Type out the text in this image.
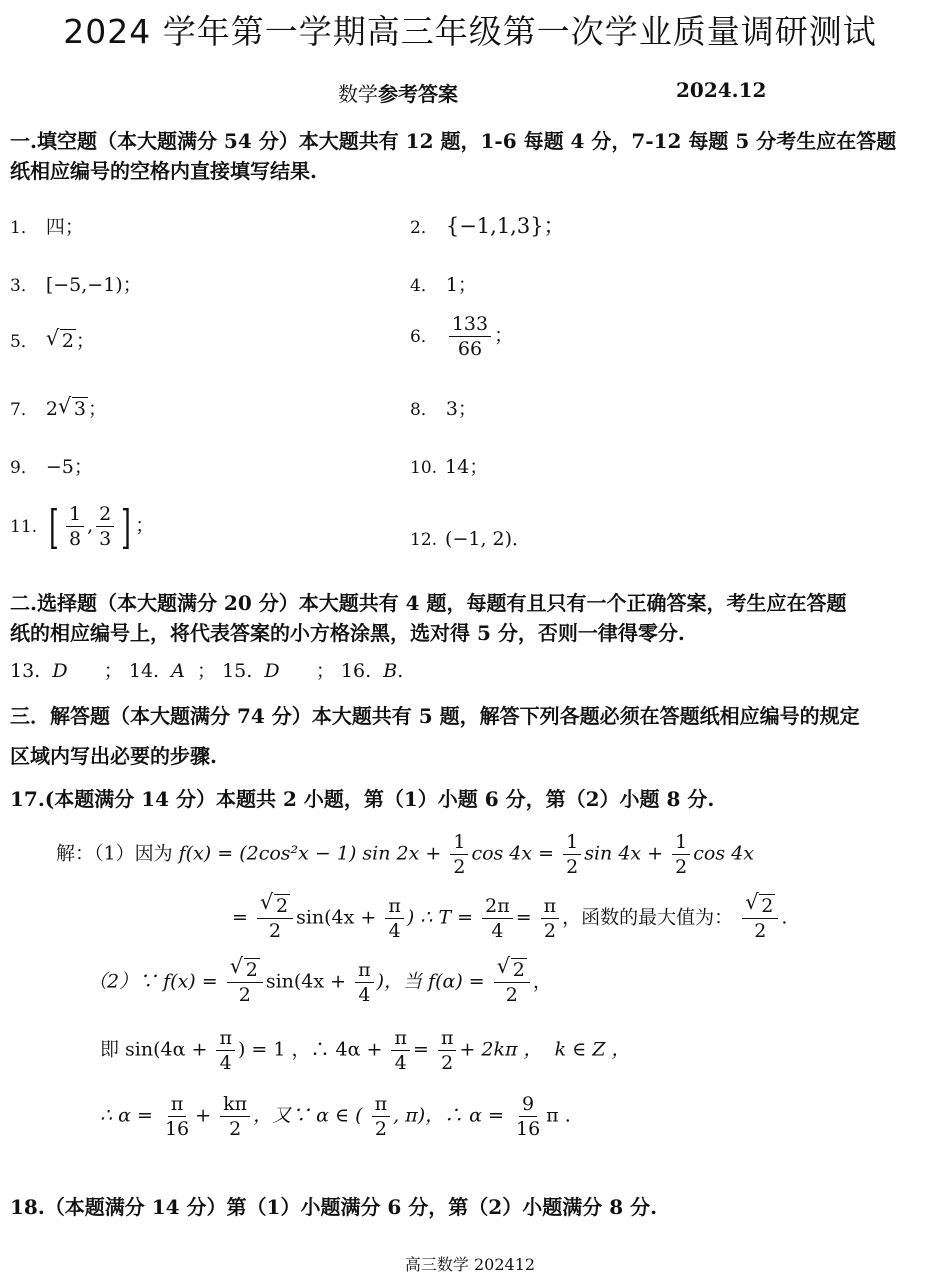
2024 学年第一学期高三年级第一次学业质量调研测试
数学参考答案	2024.12
一.填空题（本大题满分 54 分）本大题共有 12 题，1-6 每题 4 分，7-12 每题 5 分考生应在答题
纸相应编号的空格内直接填写结果.
1． 四；	2． {−1,1,3}；
3． [−5,−1)；	4． 1；
5． √ 2 ；	6． $\frac{133}{66}$ ；
7． 2 √ 3 ；	8． 3；
9． −5；	10. 14；
11. [ $\frac{1}{8}$ , $\frac{2}{3}$ ] ；
12. (−1, 2)．
二.选择题（本大题满分 20 分）本大题共有 4 题，每题有且只有一个正确答案，考生应在答题
纸的相应编号上，将代表答案的小方格涂黑，选对得 5 分，否则一律得零分.
13. D ； 14. A ； 15. D ； 16. B.
三．解答题（本大题满分 74 分）本大题共有 5 题，解答下列各题必须在答题纸相应编号的规定
区域内写出必要的步骤.
17.(本题满分 14 分）本题共 2 小题，第（1）小题 6 分，第（2）小题 8 分.
解：（1）因为 f(x) = (2cos²x − 1) $\sin 2x + \frac{1}{2}$ $\cos 4x = \frac{1}{2}$ $\sin 4x + \frac{1}{2}$ cos 4x
= $\frac{√ 2}{2} \sin(4x + \frac{\pi}{4}$ ) ∴ $T = \frac{2\pi}{4} = \frac{\pi}{2}$ ，函数的最大值为： $\frac{√ 2}{2}$ .
（2）∵ $f(x) = \frac{√ 2}{2} \sin(4x + \frac{\pi}{4}$ )，当 $f(\alpha) = \frac{√ 2}{2}$ ，
即 $\sin(4\alpha + \frac{\pi}{4}$ ) = 1 ，∴ $4\alpha + \frac{\pi}{4} = \frac{\pi}{2} + 2k\pi$ ， k ∈ Z ，
∴ $\alpha = \frac{\pi}{16} + \frac{k\pi}{2}$ ，又∵ α ∈ ( $\frac{\pi}{2}$ , π)，∴ $\alpha = \frac{9}{16}$ π .
18.（本题满分 14 分）第（1）小题满分 6 分，第（2）小题满分 8 分.
高三数学 202412
